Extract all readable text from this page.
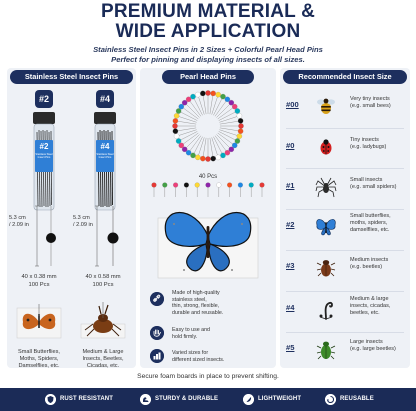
PREMIUM MATERIAL &
WIDE APPLICATION
Stainless Steel Insect Pins in 2 Sizes + Colorful Pearl Head Pins
Perfect for pinning and displaying insects of all sizes.
Stainless Steel Insect Pins
#2	#4
#2
Stainless Steel Insect Pins
#4
Stainless Steel Insect Pins
5.3 cm
/ 2.09 in
5.3 cm
/ 2.09 in
40 x 0.38 mm
100 Pcs
40 x 0.58 mm
100 Pcs
Small Butterflies,
Moths, Spiders,
Damselflies, etc.
Medium & Large
Insects, Beetles,
Cicadas, etc.
Pearl Head Pins
40 Pcs
Made of high-quality
stainless steel,
thin, strong, flexible,
durable and reusable.
Easy to use and
hold firmly.
Varied sizes for
different sized insects.
Recommended Insect Size
#00
Very tiny insects
(e.g. small bees)
#0
Tiny insects
(e.g. ladybugs)
#1
Small insects
(e.g. small spiders)
#2
Small butterflies,
moths, spiders,
damselflies, etc.
#3
Medium insects
(e.g. beetles)
#4
Medium & large
insects, cicadas,
beetles, etc.
#5
Large insects
(e.g. large beetles)
Secure foam boards in place to prevent shifting.
RUST RESISTANT	STURDY & DURABLE	LIGHTWEIGHT	REUSABLE
